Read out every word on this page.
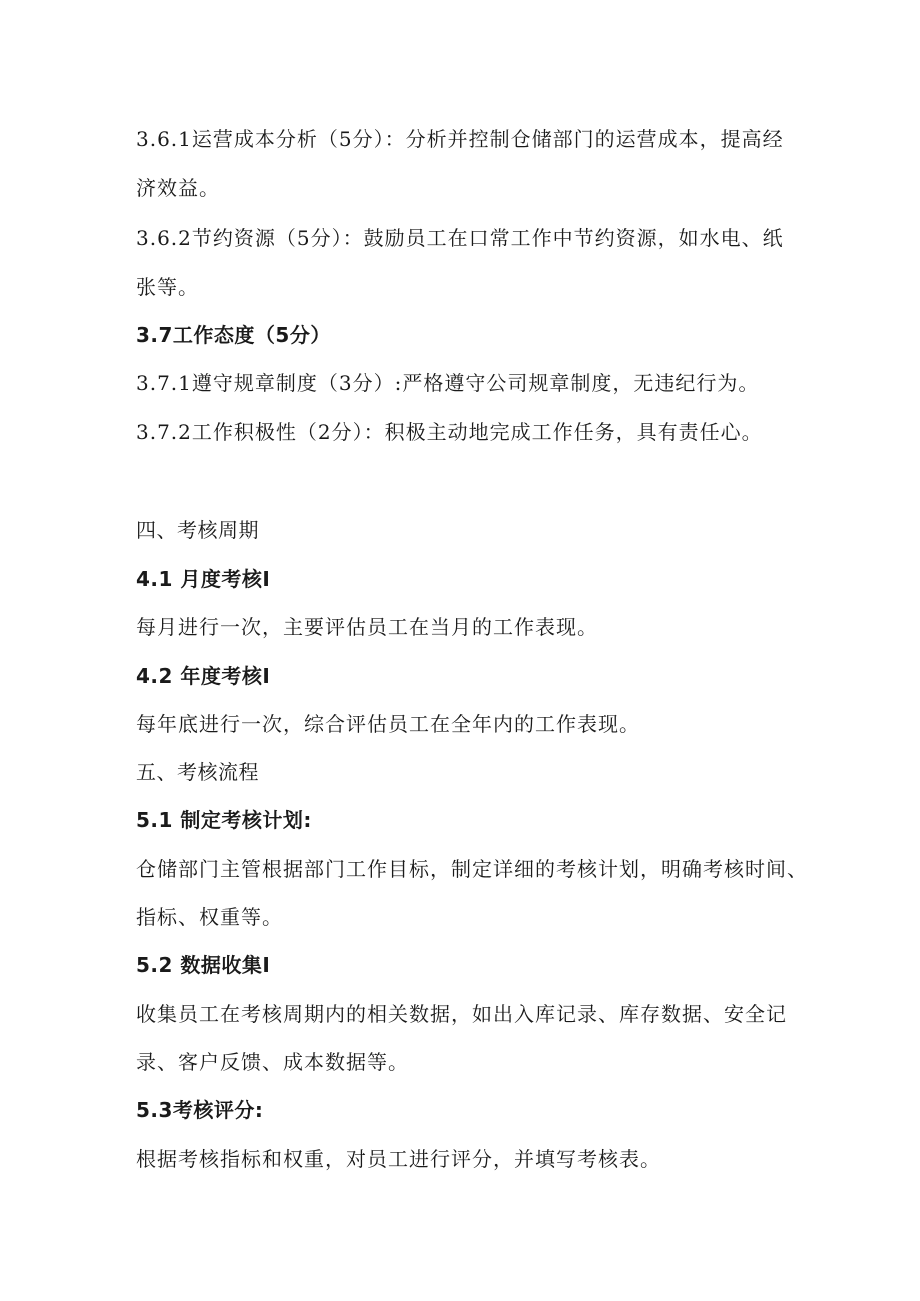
3.6.1运营成本分析（5分）：分析并控制仓储部门的运营成本，提高经
济效益。
3.6.2节约资源（5分）：鼓励员工在口常工作中节约资源，如水电、纸
张等。
3.7工作态度（5分）
3.7.1遵守规章制度（3分）:严格遵守公司规章制度，无违纪行为。
3.7.2工作积极性（2分）：积极主动地完成工作任务，具有责任心。
四、考核周期
4.1 月度考核I
每月进行一次，主要评估员工在当月的工作表现。
4.2 年度考核I
每年底进行一次，综合评估员工在全年内的工作表现。
五、考核流程
5.1 制定考核计划:
仓储部门主管根据部门工作目标，制定详细的考核计划，明确考核时间、
指标、权重等。
5.2 数据收集I
收集员工在考核周期内的相关数据，如出入库记录、库存数据、安全记
录、客户反馈、成本数据等。
5.3考核评分:
根据考核指标和权重，对员工进行评分，并填写考核表。
